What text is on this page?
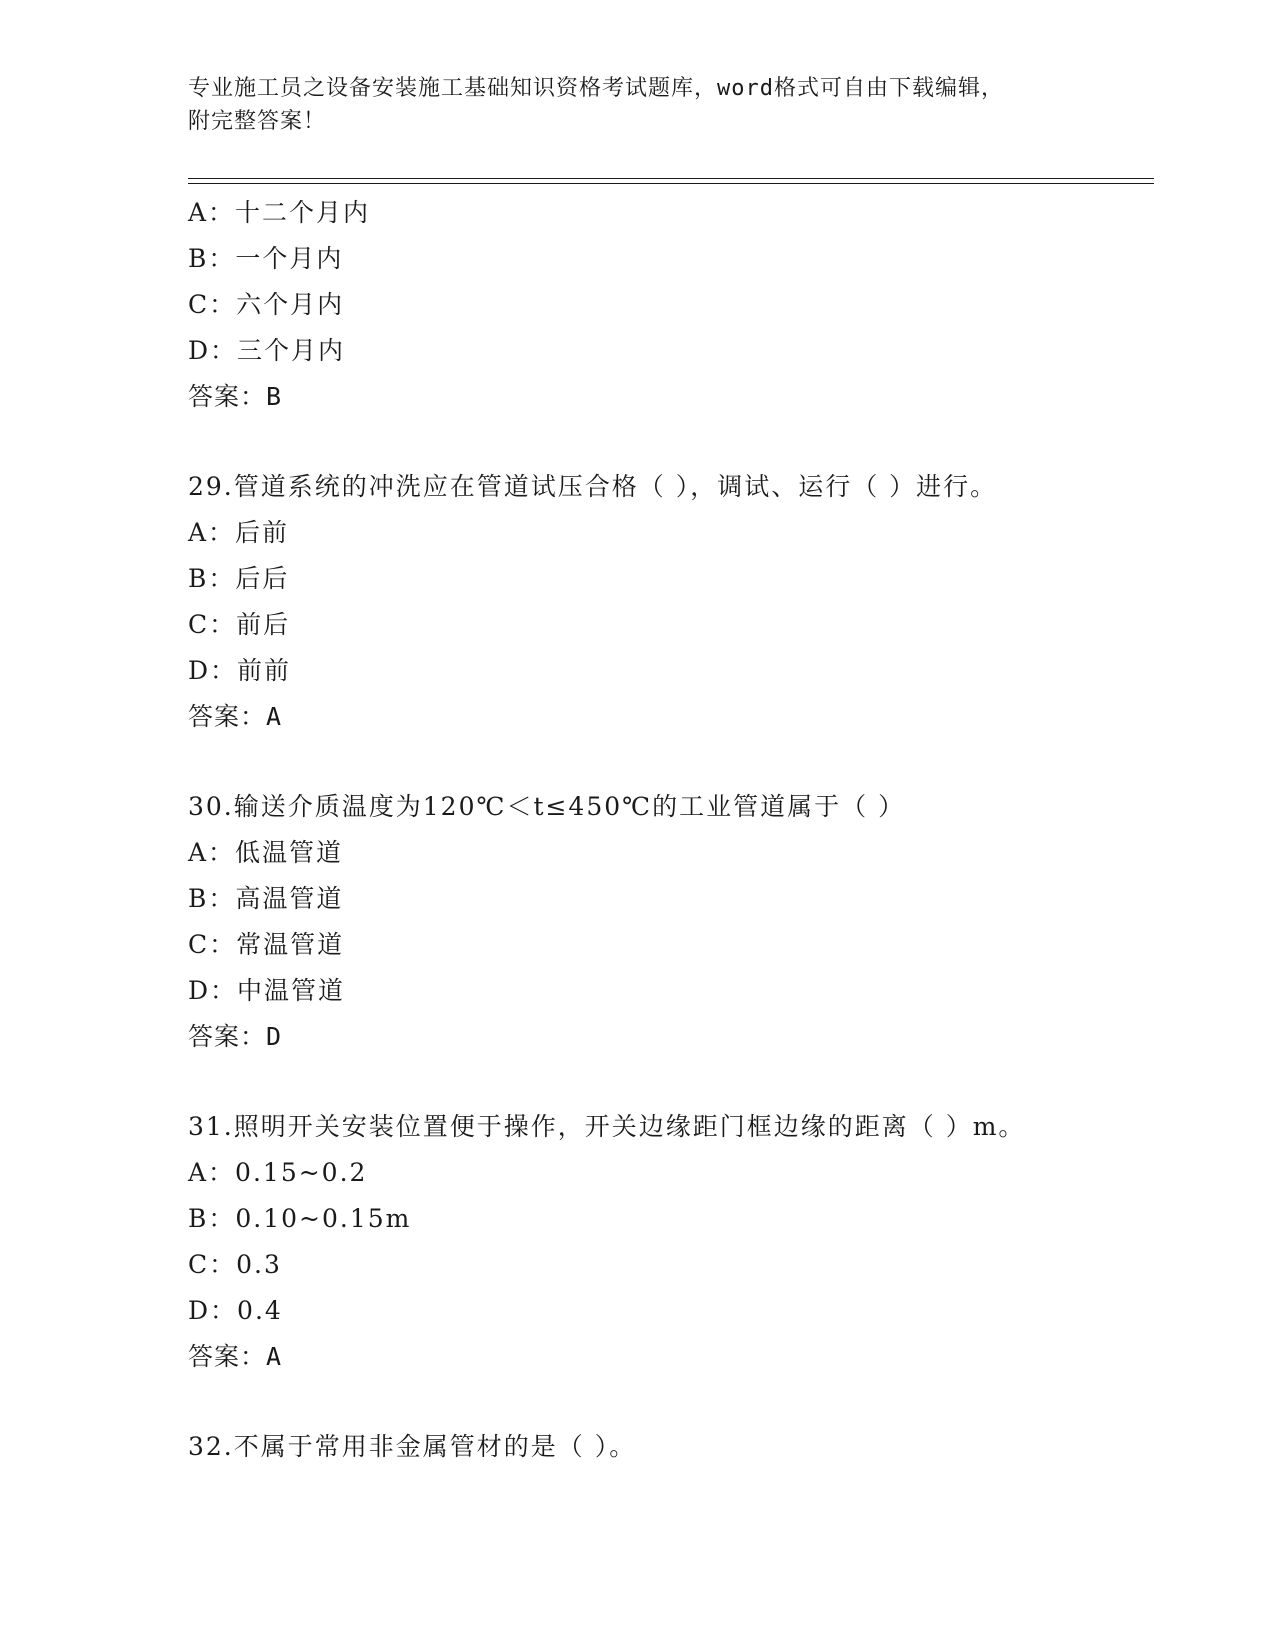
专业施工员之设备安装施工基础知识资格考试题库，word格式可自由下载编辑，
附完整答案！
A：十二个月内
B：一个月内
C：六个月内
D：三个月内
答案：B
29.管道系统的冲洗应在管道试压合格（ ），调试、运行（ ）进行。
A：后前
B：后后
C：前后
D：前前
答案：A
30.输送介质温度为120℃＜t≤450℃的工业管道属于（ ）
A：低温管道
B：高温管道
C：常温管道
D：中温管道
答案：D
31.照明开关安装位置便于操作，开关边缘距门框边缘的距离（ ）m。
A：0.15~0.2
B：0.10~0.15m
C：0.3
D：0.4
答案：A
32.不属于常用非金属管材的是（ ）。
